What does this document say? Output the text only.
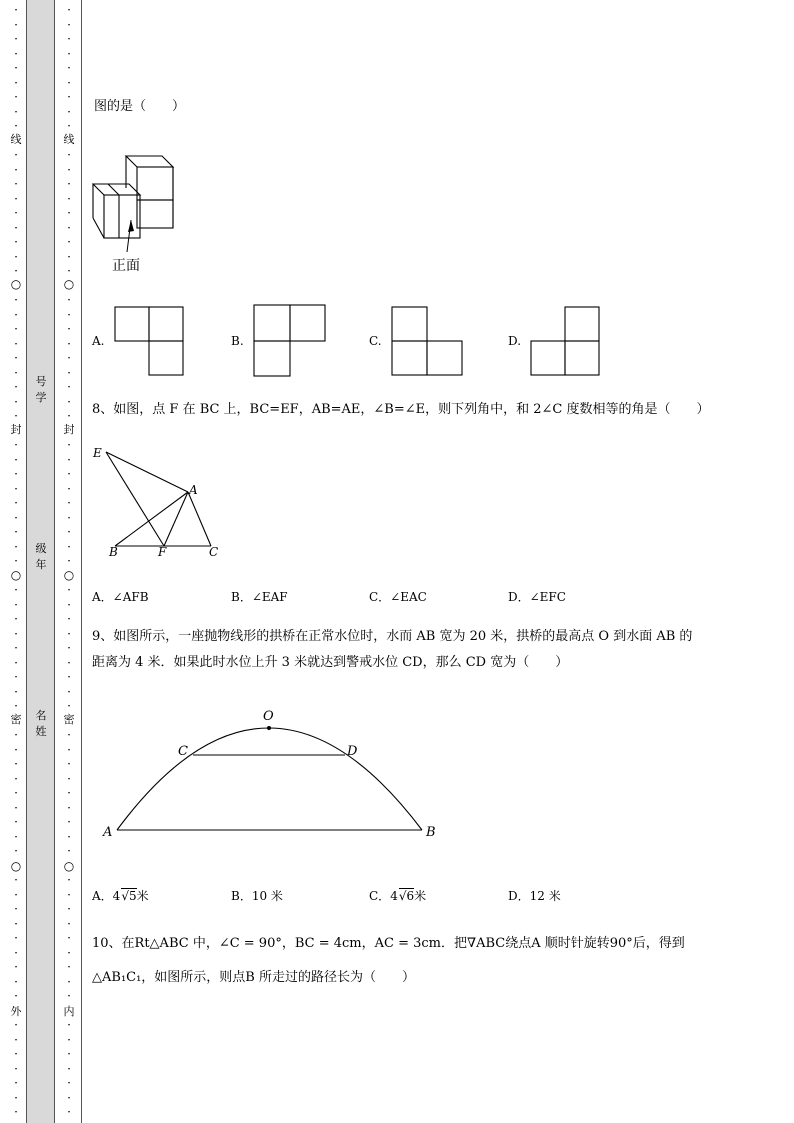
·
·
·
·
·
·
·
·
·
线
·
·
·
·
·
·
·
·
·
○
·
·
·
·
·
·
·
·
·
封
·
·
·
·
·
·
·
·
·
○
·
·
·
·
·
·
·
·
·
密
·
·
·
·
·
·
·
·
·
○
·
·
·
·
·
·
·
·
·
外
·
·
·
·
·
·
·
·
·
·
·
·
·
·
·
·
线
·
·
·
·
·
·
·
·
·
○
·
·
·
·
·
·
·
·
·
封
·
·
·
·
·
·
·
·
·
○
·
·
·
·
·
·
·
·
·
密
·
·
·
·
·
·
·
·
·
○
·
·
·
·
·
·
·
·
·
内
·
·
·
·
·
·
·
号
学
级
年
名
姓
图的是（　　）
正面
A.	B.	C.	D.
8、如图，点 F 在 BC 上，BC=EF，AB=AE，∠B=∠E，则下列角中，和 2∠C 度数相等的角是（　　）
E
A
B	F	C
A．∠AFB	B．∠EAF	C．∠EAC	D．∠EFC
9、如图所示，一座抛物线形的拱桥在正常水位时，水而 AB 宽为 20 米，拱桥的最高点 O 到水面 AB 的
距离为 4 米．如果此时水位上升 3 米就达到警戒水位 CD，那么 CD 宽为（　　）
O
C	D
A	B
A．4√5米	B．10 米	C．4√6米	D．12 米
10、在Rt△ABC 中，∠C = 90°，BC = 4cm，AC = 3cm．把∇ABC绕点A 顺时针旋转90°后，得到
△AB₁C₁，如图所示，则点B 所走过的路径长为（　　）
